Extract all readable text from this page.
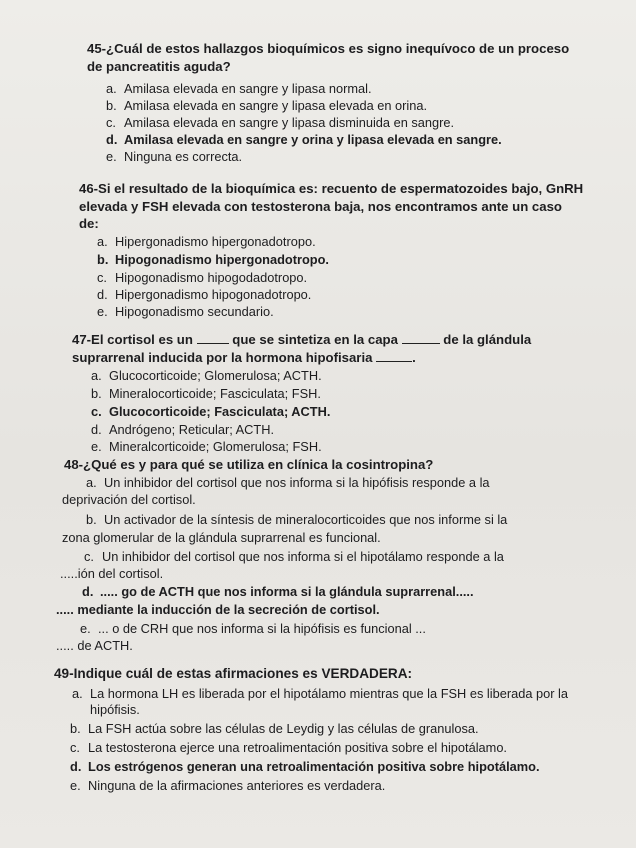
45-¿Cuál de estos hallazgos bioquímicos es signo inequívoco de un proceso
de pancreatitis aguda?
a. Amilasa elevada en sangre y lipasa normal.
b. Amilasa elevada en sangre y lipasa elevada en orina.
c. Amilasa elevada en sangre y lipasa disminuida en sangre.
d. Amilasa elevada en sangre y orina y lipasa elevada en sangre.
e. Ninguna es correcta.
46-Si el resultado de la bioquímica es: recuento de espermatozoides bajo, GnRH
elevada y FSH elevada con testosterona baja, nos encontramos ante un caso
de:
a. Hipergonadismo hipergonadotropo.
b. Hipogonadismo hipergonadotropo.
c. Hipogonadismo hipogodadotropo.
d. Hipergonadismo hipogonadotropo.
e. Hipogonadismo secundario.
47-El cortisol es un	que se sintetiza en la capa	de la glándula
suprarrenal inducida por la hormona hipofisaria	.
a. Glucocorticoide; Glomerulosa; ACTH.
b. Mineralocorticoide; Fasciculata; FSH.
c. Glucocorticoide; Fasciculata; ACTH.
d. Andrógeno; Reticular; ACTH.
e. Mineralcorticoide; Glomerulosa; FSH.
48-¿Qué es y para qué se utiliza en clínica la cosintropina?
a. Un inhibidor del cortisol que nos informa si la hipófisis responde a la
deprivación del cortisol.
b. Un activador de la síntesis de mineralocorticoides que nos informe si la
zona glomerular de la glándula suprarrenal es funcional.
c. Un inhibidor del cortisol que nos informa si el hipotálamo responde a la
.....ión del cortisol.
d. ..... go de ACTH que nos informa si la glándula suprarrenal.....
..... mediante la inducción de la secreción de cortisol.
e. ... o de CRH que nos informa si la hipófisis es funcional ...
..... de ACTH.
49-Indique cuál de estas afirmaciones es VERDADERA:
a. La hormona LH es liberada por el hipotálamo mientras que la FSH es liberada por la
hipófisis.
b. La FSH actúa sobre las células de Leydig y las células de granulosa.
c. La testosterona ejerce una retroalimentación positiva sobre el hipotálamo.
d. Los estrógenos generan una retroalimentación positiva sobre hipotálamo.
e. Ninguna de la afirmaciones anteriores es verdadera.
